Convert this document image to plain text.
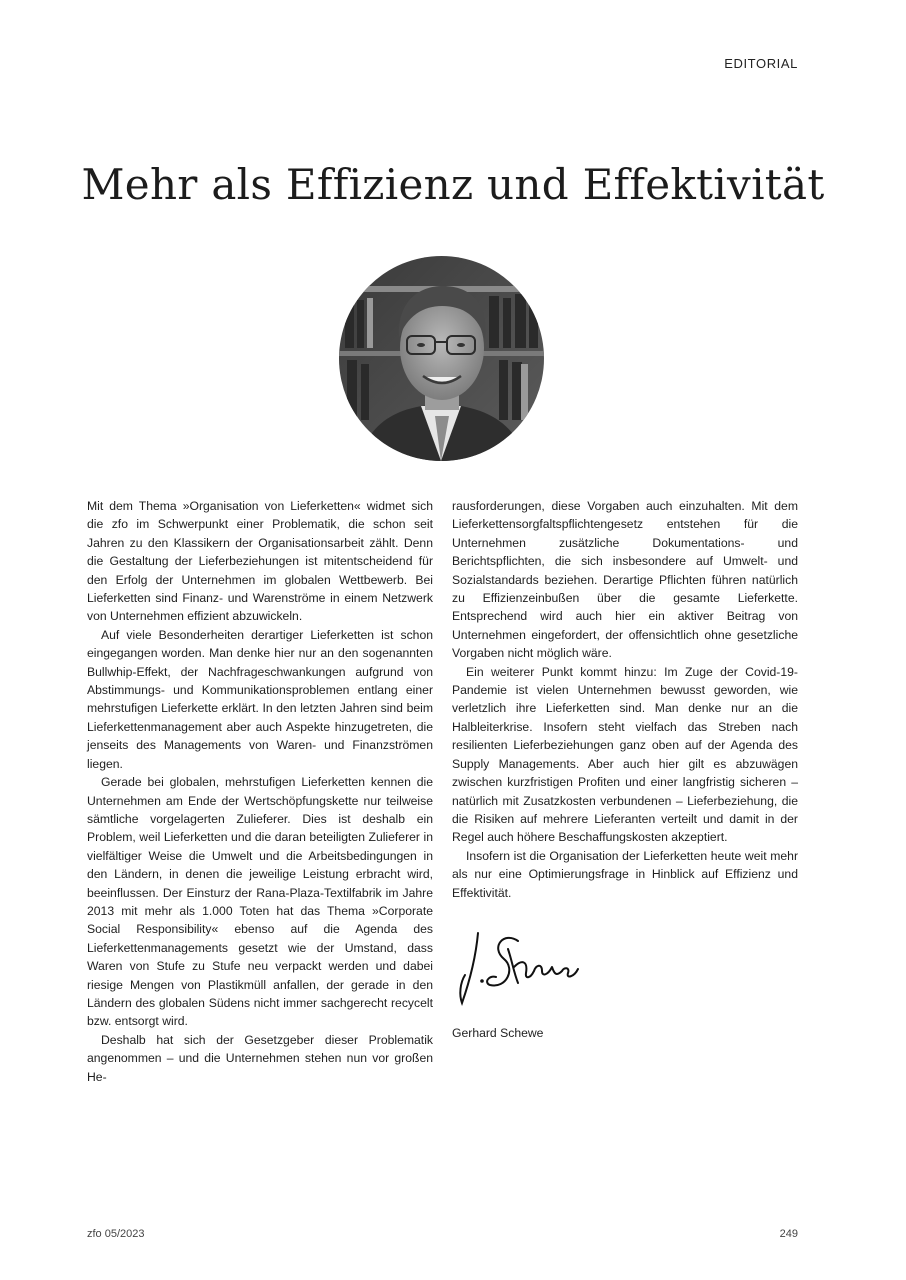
EDITORIAL
Mehr als Effizienz und Effektivität

Mit dem Thema »Organisation von Lieferketten« widmet sich die zfo im Schwerpunkt einer Problematik, die schon seit Jahren zu den Klassikern der Organisationsarbeit zählt. Denn die Gestaltung der Lieferbeziehungen ist mitentscheidend für den Erfolg der Unternehmen im globalen Wettbewerb. Bei Lieferketten sind Finanz- und Warenströme in einem Netzwerk von Unternehmen effizient abzuwickeln.

Auf viele Besonderheiten derartiger Lieferketten ist schon eingegangen worden. Man denke hier nur an den sogenannten Bullwhip-Effekt, der Nachfrageschwankungen aufgrund von Abstimmungs- und Kommunikationsproblemen entlang einer mehrstufigen Lieferkette erklärt. In den letzten Jahren sind beim Lieferkettenmanagement aber auch Aspekte hinzugetreten, die jenseits des Managements von Waren- und Finanzströmen liegen.

Gerade bei globalen, mehrstufigen Lieferketten kennen die Unternehmen am Ende der Wertschöpfungskette nur teilweise sämtliche vorgelagerten Zulieferer. Dies ist deshalb ein Problem, weil Lieferketten und die daran beteiligten Zulieferer in vielfältiger Weise die Umwelt und die Arbeitsbedingungen in den Ländern, in denen die jeweilige Leistung erbracht wird, beeinflussen. Der Einsturz der Rana-Plaza-Textilfabrik im Jahre 2013 mit mehr als 1.000 Toten hat das Thema »Corporate Social Responsibility« ebenso auf die Agenda des Lieferkettenmanagements gesetzt wie der Umstand, dass Waren von Stufe zu Stufe neu verpackt werden und dabei riesige Mengen von Plastikmüll anfallen, der gerade in den Ländern des globalen Südens nicht immer sachgerecht recycelt bzw. entsorgt wird.

Deshalb hat sich der Gesetzgeber dieser Problematik angenommen – und die Unternehmen stehen nun vor großen He-

rausforderungen, diese Vorgaben auch einzuhalten. Mit dem Lieferkettensorgfaltspflichtengesetz entstehen für die Unternehmen zusätzliche Dokumentations- und Berichtspflichten, die sich insbesondere auf Umwelt- und Sozialstandards beziehen. Derartige Pflichten führen natürlich zu Effizienzeinbußen über die gesamte Lieferkette. Entsprechend wird auch hier ein aktiver Beitrag von Unternehmen eingefordert, der offensichtlich ohne gesetzliche Vorgaben nicht möglich wäre.

Ein weiterer Punkt kommt hinzu: Im Zuge der Covid-19-Pandemie ist vielen Unternehmen bewusst geworden, wie verletzlich ihre Lieferketten sind. Man denke nur an die Halbleiterkrise. Insofern steht vielfach das Streben nach resilienten Lieferbeziehungen ganz oben auf der Agenda des Supply Managements. Aber auch hier gilt es abzuwägen zwischen kurzfristigen Profiten und einer langfristig sicheren – natürlich mit Zusatzkosten verbundenen – Lieferbeziehung, die die Risiken auf mehrere Lieferanten verteilt und damit in der Regel auch höhere Beschaffungskosten akzeptiert.

Insofern ist die Organisation der Lieferketten heute weit mehr als nur eine Optimierungsfrage in Hinblick auf Effizienz und Effektivität.

Gerhard Schewe
zfo 05/2023	249
